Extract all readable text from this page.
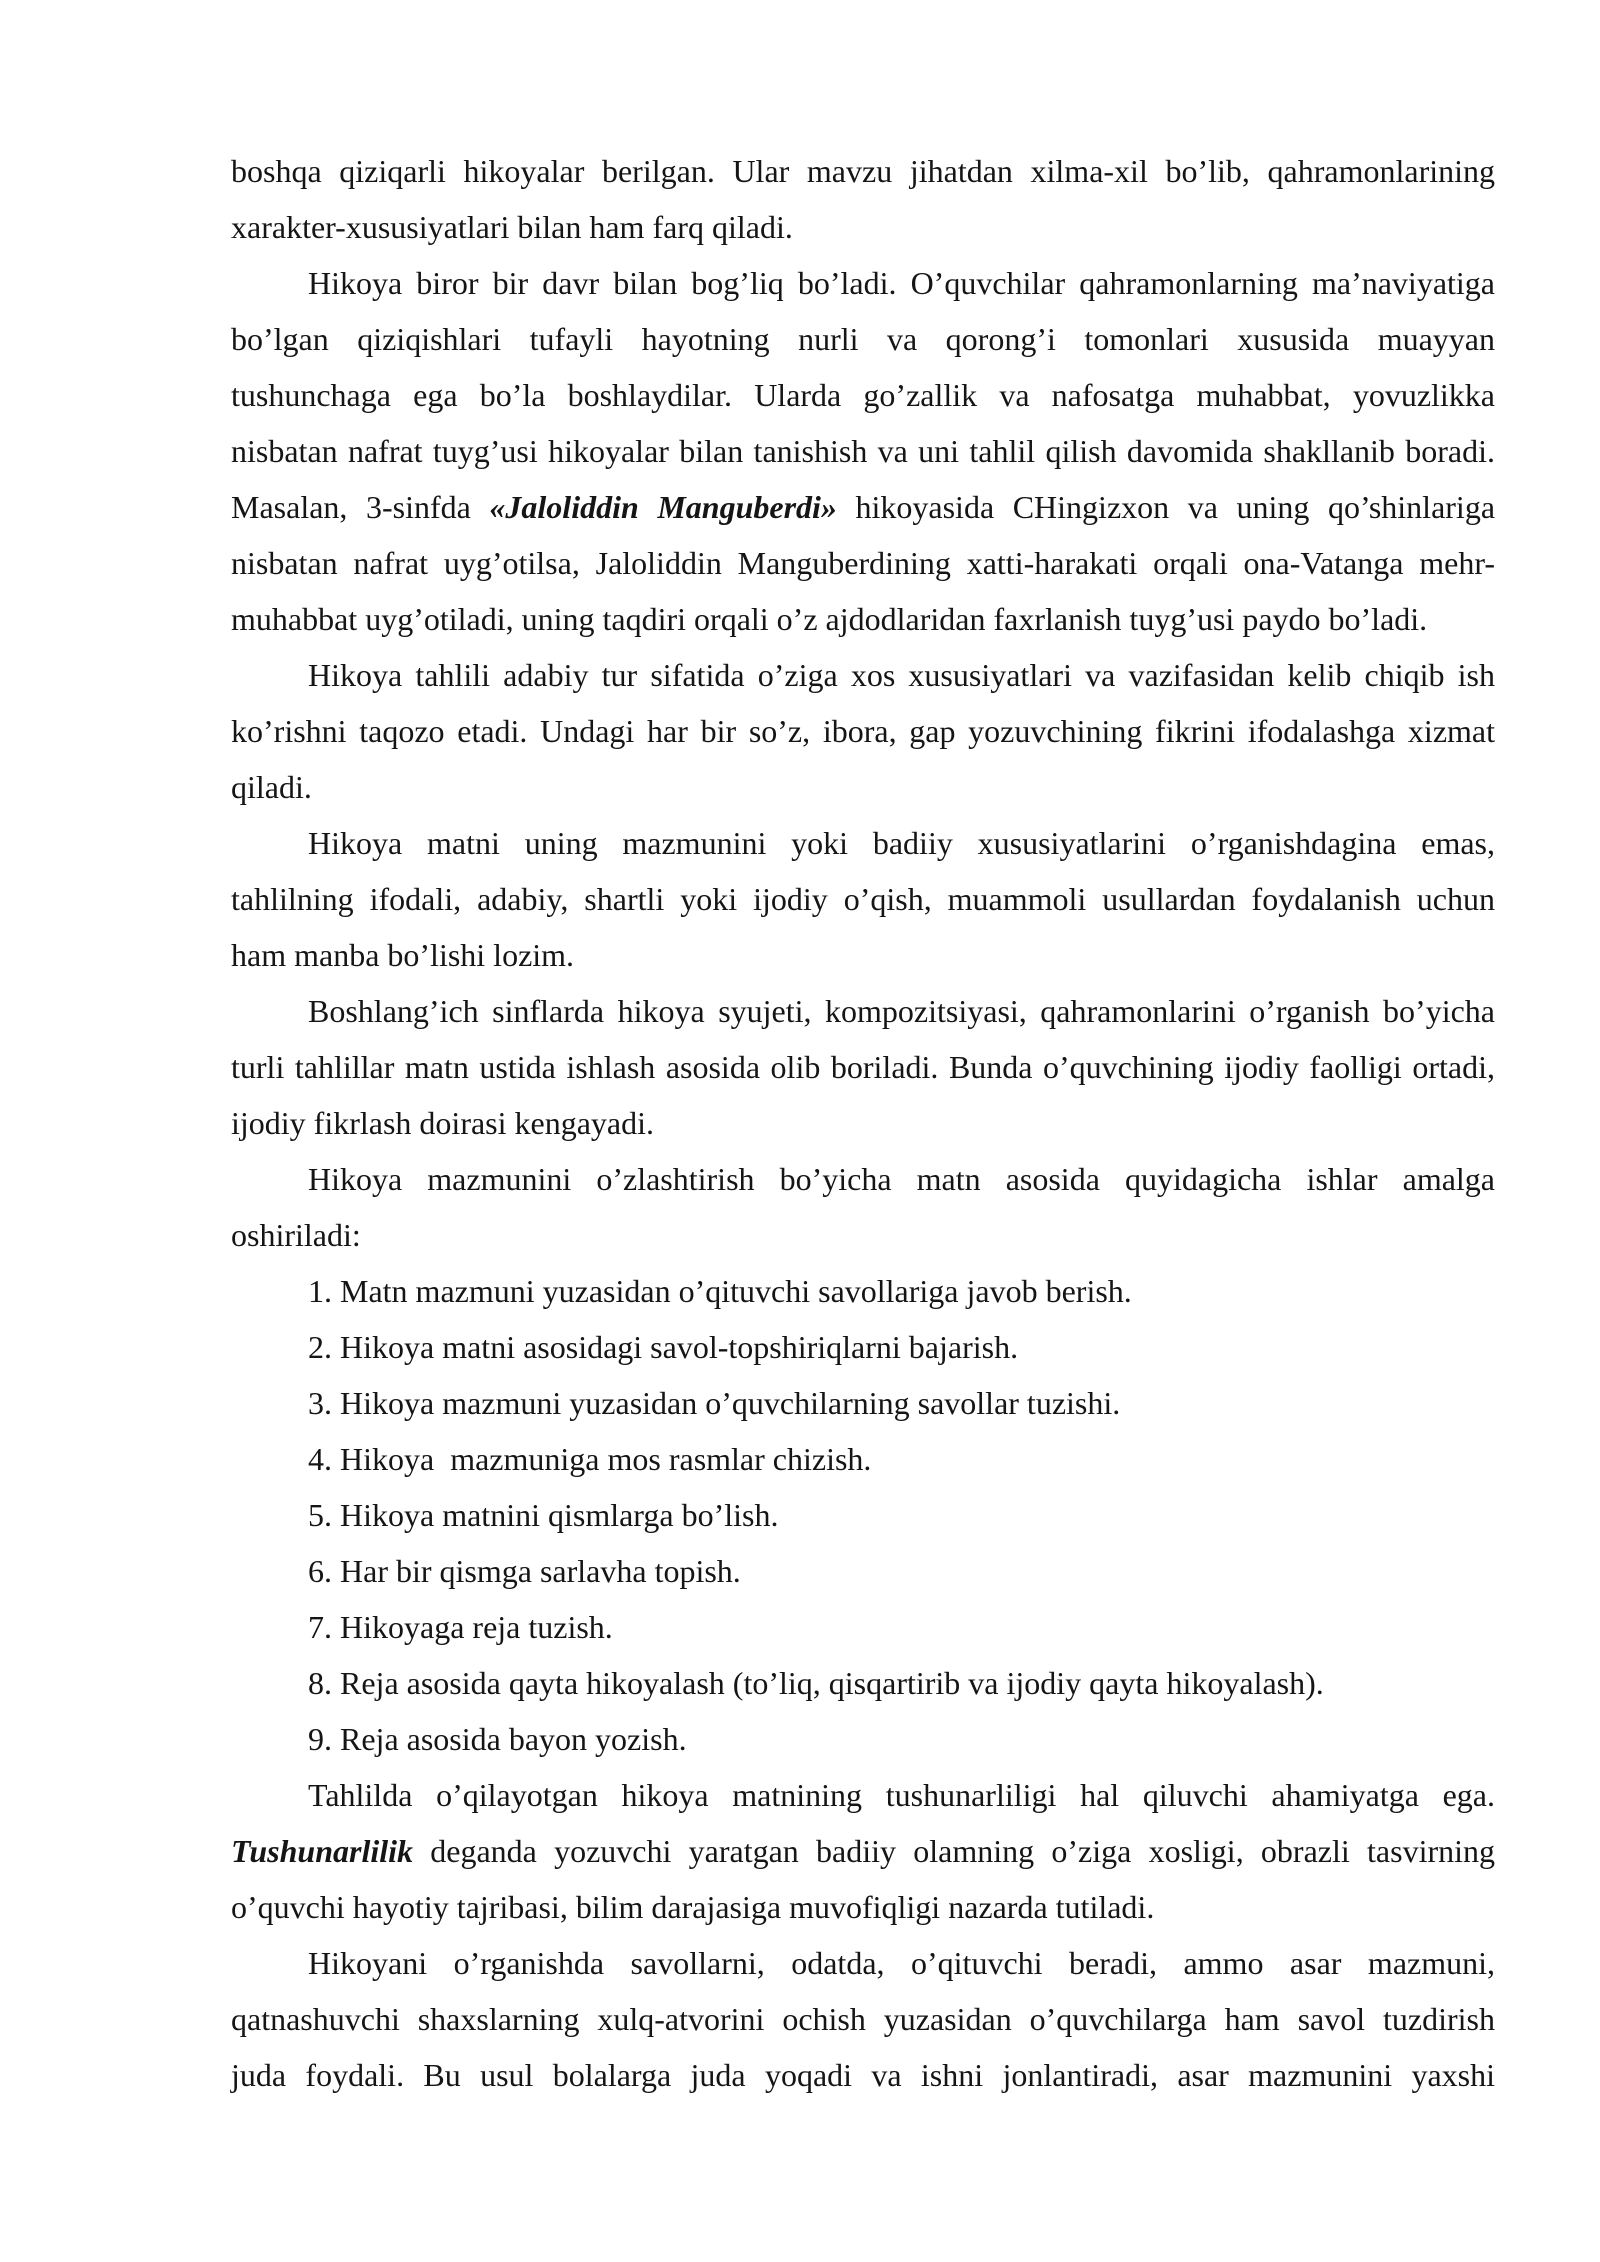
boshqa qiziqarli hikoyalar berilgan. Ular mavzu jihatdan xilma-xil bo’lib, qahramonlarining
xarakter-xususiyatlari bilan ham farq qiladi.
Hikoya biror bir davr bilan bog’liq bo’ladi. O’quvchilar qahramonlarning ma’naviyatiga
bo’lgan qiziqishlari tufayli hayotning nurli va qorong’i tomonlari xususida muayyan
tushunchaga ega bo’la boshlaydilar. Ularda go’zallik va nafosatga muhabbat, yovuzlikka
nisbatan nafrat tuyg’usi hikoyalar bilan tanishish va uni tahlil qilish davomida shakllanib boradi.
Masalan, 3-sinfda «Jaloliddin Manguberdi» hikoyasida CHingizxon va uning qo’shinlariga
nisbatan nafrat uyg’otilsa, Jaloliddin Manguberdining xatti-harakati orqali ona-Vatanga mehr-
muhabbat uyg’otiladi, uning taqdiri orqali o’z ajdodlaridan faxrlanish tuyg’usi paydo bo’ladi.
Hikoya tahlili adabiy tur sifatida o’ziga xos xususiyatlari va vazifasidan kelib chiqib ish
ko’rishni taqozo etadi. Undagi har bir so’z, ibora, gap yozuvchining fikrini ifodalashga xizmat
qiladi.
Hikoya matni uning mazmunini yoki badiiy xususiyatlarini o’rganishdagina emas,
tahlilning ifodali, adabiy, shartli yoki ijodiy o’qish, muammoli usullardan foydalanish uchun
ham manba bo’lishi lozim.
Boshlang’ich sinflarda hikoya syujeti, kompozitsiyasi, qahramonlarini o’rganish bo’yicha
turli tahlillar matn ustida ishlash asosida olib boriladi. Bunda o’quvchining ijodiy faolligi ortadi,
ijodiy fikrlash doirasi kengayadi.
Hikoya mazmunini o’zlashtirish bo’yicha matn asosida quyidagicha ishlar amalga
oshiriladi:
1. Matn mazmuni yuzasidan o’qituvchi savollariga javob berish.
2. Hikoya matni asosidagi savol-topshiriqlarni bajarish.
3. Hikoya mazmuni yuzasidan o’quvchilarning savollar tuzishi.
4. Hikoya  mazmuniga mos rasmlar chizish.
5. Hikoya matnini qismlarga bo’lish.
6. Har bir qismga sarlavha topish.
7. Hikoyaga reja tuzish.
8. Reja asosida qayta hikoyalash (to’liq, qisqartirib va ijodiy qayta hikoyalash).
9. Reja asosida bayon yozish.
Tahlilda o’qilayotgan hikoya matnining tushunarliligi hal qiluvchi ahamiyatga ega.
Tushunarlilik deganda yozuvchi yaratgan badiiy olamning o’ziga xosligi, obrazli tasvirning
o’quvchi hayotiy tajribasi, bilim darajasiga muvofiqligi nazarda tutiladi.
Hikoyani o’rganishda savollarni, odatda, o’qituvchi beradi, ammo asar mazmuni,
qatnashuvchi shaxslarning xulq-atvorini ochish yuzasidan o’quvchilarga ham savol tuzdirish
juda foydali. Bu usul bolalarga juda yoqadi va ishni jonlantiradi, asar mazmunini yaxshi
